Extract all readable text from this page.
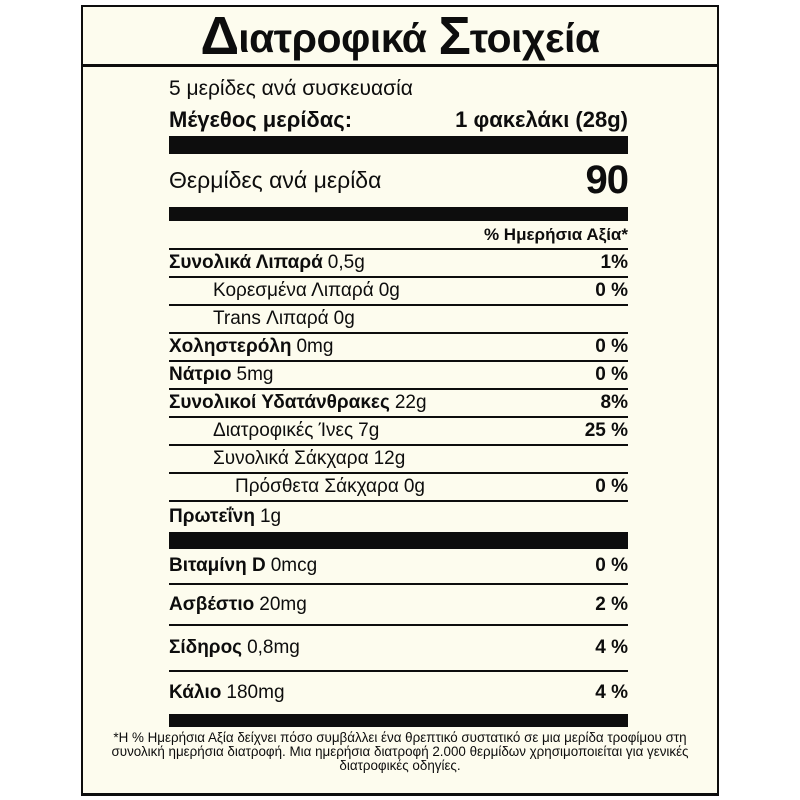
Δ ιατροφικά Σ τοιχεία
5 μερίδες ανά συσκευασία
Μέγεθος μερίδας:	1 φακελάκι (28g)
Θερμίδες ανά μερίδα	90
% Ημερήσια Αξία*
Συνολικά Λιπαρά 0,5g	1%
Κορεσμένα Λιπαρά 0g	0 %
Trans Λιπαρά 0g
Χοληστερόλη 0mg	0 %
Νάτριο 5mg	0 %
Συνολικοί Υδατάνθρακες 22g	8%
Διατροφικές Ίνες 7g	25 %
Συνολικά Σάκχαρα 12g
Πρόσθετα Σάκχαρα 0g	0 %
Πρωτεΐνη 1g
Βιταμίνη D 0mcg	0 %
Ασβέστιο 20mg	2 %
Σίδηρος 0,8mg	4 %
Κάλιο 180mg	4 %
*Η % Ημερήσια Αξία δείχνει πόσο συμβάλλει ένα θρεπτικό συστατικό σε μια μερίδα τροφίμου στη συνολική ημερήσια διατροφή. Μια ημερήσια διατροφή 2.000 θερμίδων χρησιμοποιείται για γενικές διατροφικές οδηγίες.
